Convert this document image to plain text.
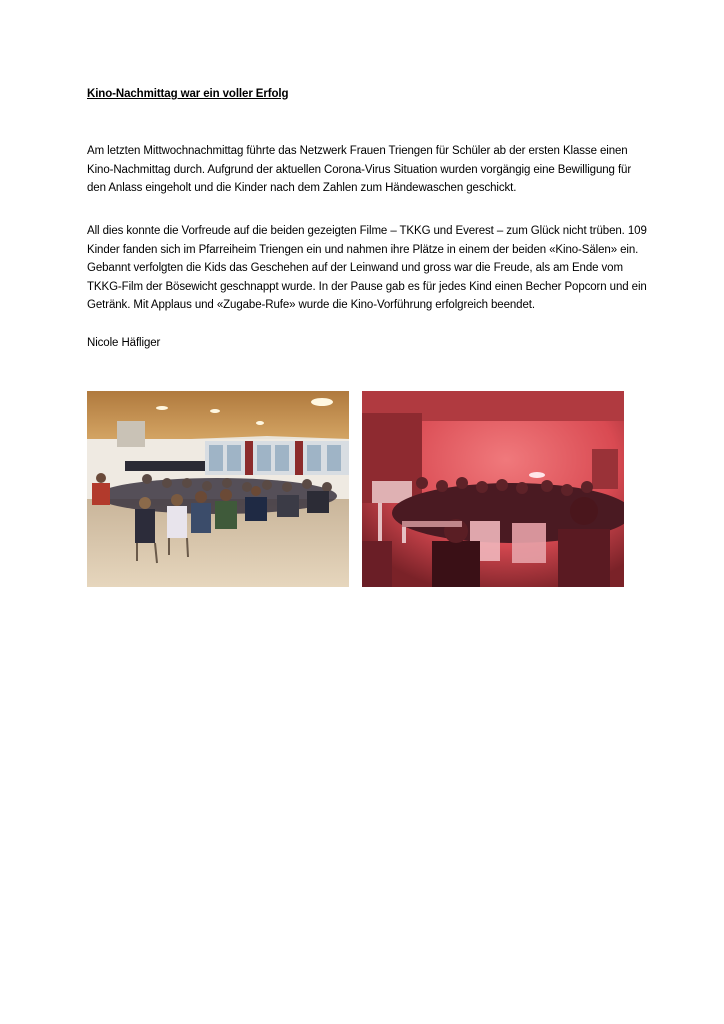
Kino-Nachmittag war ein voller Erfolg

Am letzten Mittwochnachmittag führte das Netzwerk Frauen Triengen für Schüler ab der ersten Klasse einen Kino-Nachmittag durch. Aufgrund der aktuellen Corona-Virus Situation wurden vorgängig eine Bewilligung für den Anlass eingeholt und die Kinder nach dem Zahlen zum Händewaschen geschickt.

All dies konnte die Vorfreude auf die beiden gezeigten Filme – TKKG und Everest – zum Glück nicht trüben. 109 Kinder fanden sich im Pfarreiheim Triengen ein und nahmen ihre Plätze in einem der beiden «Kino-Sälen» ein. Gebannt verfolgten die Kids das Geschehen auf der Leinwand und gross war die Freude, als am Ende vom TKKG-Film der Bösewicht geschnappt wurde. In der Pause gab es für jedes Kind einen Becher Popcorn und ein Getränk. Mit Applaus und «Zugabe-Rufe» wurde die Kino-Vorführung erfolgreich beendet.

Nicole Häfliger
